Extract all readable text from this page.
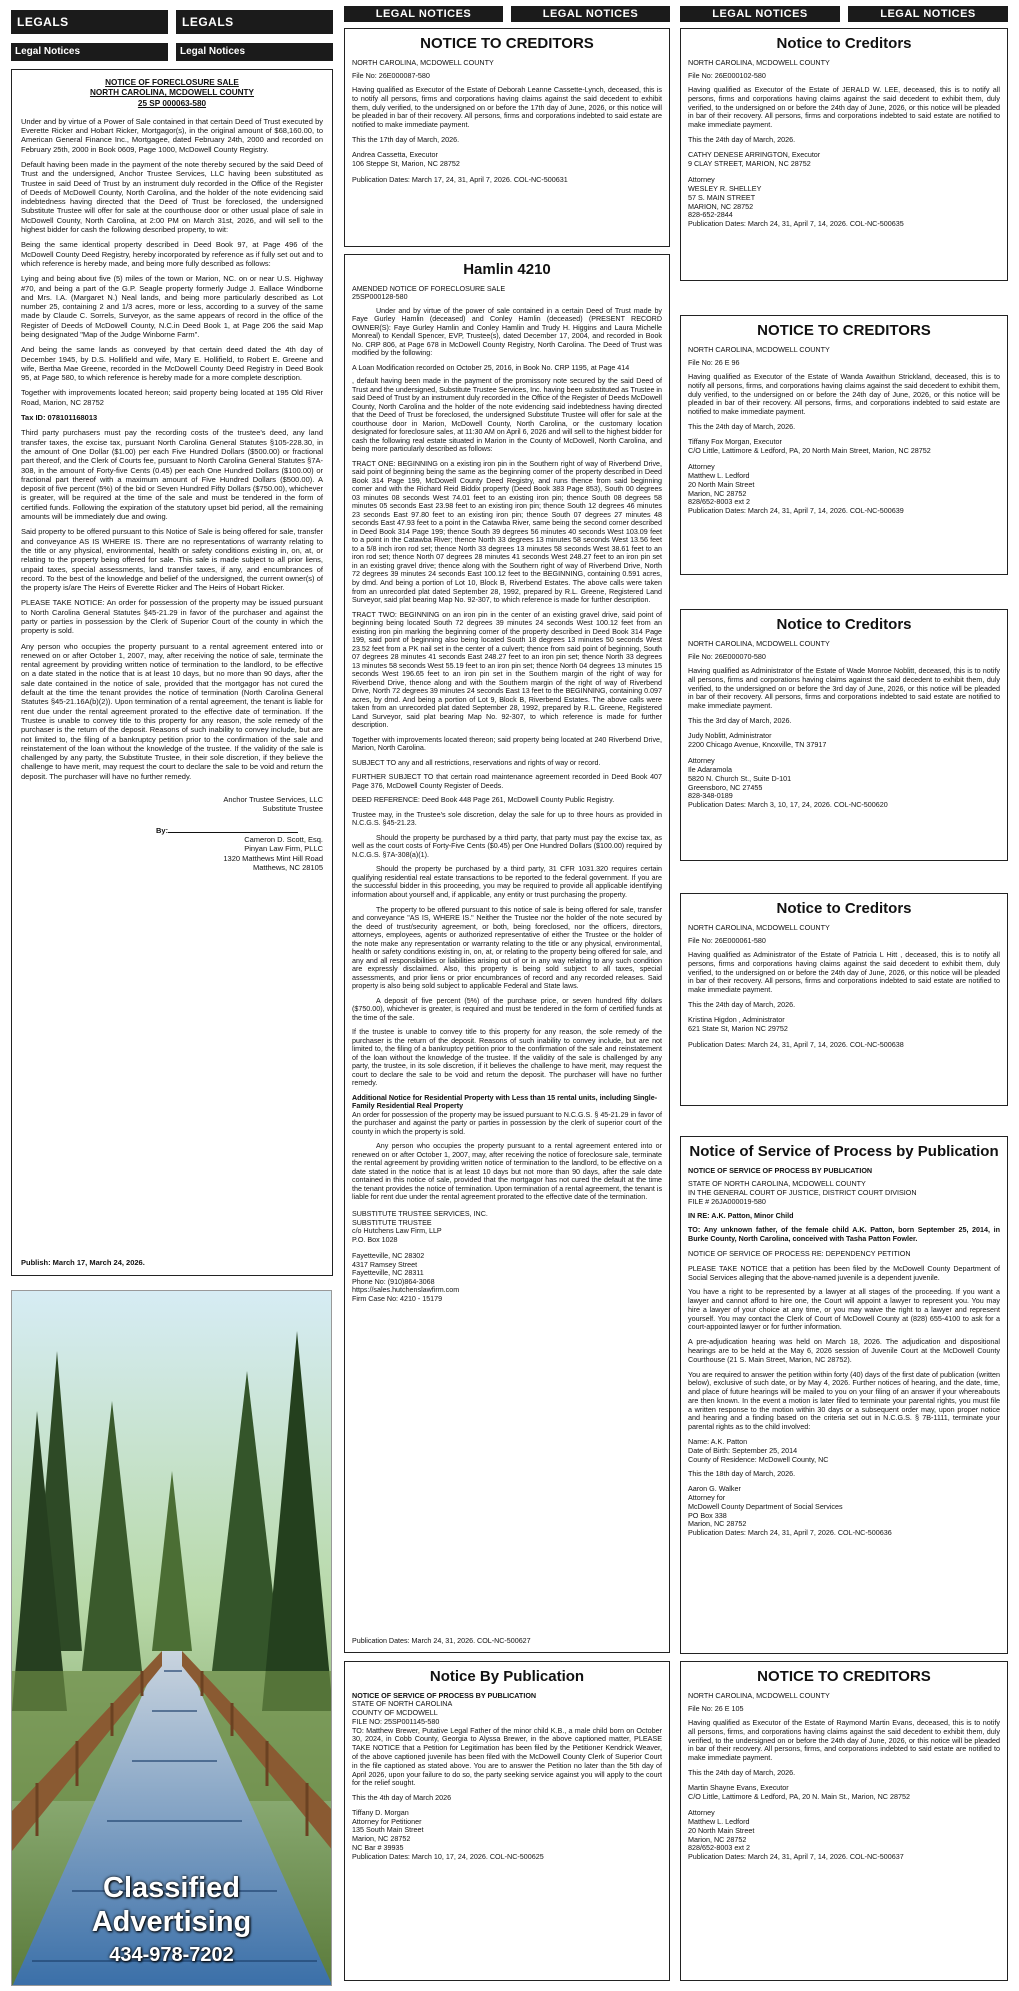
LEGALS	LEGALS
Legal Notices	Legal Notices
NOTICE OF FORECLOSURE SALE
NORTH CAROLINA, MCDOWELL COUNTY
25 SP 000063-580

Under and by virtue of a Power of Sale contained in that certain Deed of Trust executed by Everette Ricker and Hobart Ricker, Mortgagor(s), in the original amount of $68,160.00, to American General Finance Inc., Mortgagee, dated February 24th, 2000 and recorded on February 25th, 2000 in Book 0609, Page 1000, McDowell County Registry.

Default having been made in the payment of the note thereby secured by the said Deed of Trust and the undersigned, Anchor Trustee Services, LLC having been substituted as Trustee in said Deed of Trust by an instrument duly recorded in the Office of the Register of Deeds of McDowell County, North Carolina, and the holder of the note evidencing said indebtedness having directed that the Deed of Trust be foreclosed, the undersigned Substitute Trustee will offer for sale at the courthouse door or other usual place of sale in McDowell County, North Carolina, at 2:00 PM on March 31st, 2026, and will sell to the highest bidder for cash the following described property, to wit:

Being the same identical property described in Deed Book 97, at Page 496 of the McDowell County Deed Registry, hereby incorporated by reference as if fully set out and to which reference is hereby made, and being more fully described as follows:

Lying and being about five (5) miles of the town or Marion, NC. on or near U.S. Highway #70, and being a part of the G.P. Seagle property formerly Judge J. Eallace Windborne and Mrs. I.A. (Margaret N.) Neal lands, and being more particularly described as Lot number 25, containing 2 and 1/3 acres, more or less, according to a survey of the same made by Claude C. Sorrels, Surveyor, as the same appears of record in the office of the Register of Deeds of McDowell County, N.C.in Deed Book 1, at Page 206 the said Map being designated "Map of the Judge Winborne Farm".

And being the same lands as conveyed by that certain deed dated the 4th day of December 1945, by D.S. Hollifield and wife, Mary E. Hollifield, to Robert E. Greene and wife, Bertha Mae Greene, recorded in the McDowell County Deed Registry in Deed Book 95, at Page 580, to which reference is hereby made for a more complete description.

Together with improvements located hereon; said property being located at 195 Old River Road, Marion, NC 28752

Tax ID: 078101168013

Third party purchasers must pay the recording costs of the trustee's deed, any land transfer taxes, the excise tax, pursuant North Carolina General Statutes §105-228.30, in the amount of One Dollar ($1.00) per each Five Hundred Dollars ($500.00) or fractional part thereof, and the Clerk of Courts fee, pursuant to North Carolina General Statutes §7A-308, in the amount of Forty-five Cents (0.45) per each One Hundred Dollars ($100.00) or fractional part thereof with a maximum amount of Five Hundred Dollars ($500.00). A deposit of five percent (5%) of the bid or Seven Hundred Fifty Dollars ($750.00), whichever is greater, will be required at the time of the sale and must be tendered in the form of certified funds. Following the expiration of the statutory upset bid period, all the remaining amounts will be immediately due and owing.

Said property to be offered pursuant to this Notice of Sale is being offered for sale, transfer and conveyance AS IS WHERE IS. There are no representations of warranty relating to the title or any physical, environmental, health or safety conditions existing in, on, at, or relating to the property being offered for sale. This sale is made subject to all prior liens, unpaid taxes, special assessments, land transfer taxes, if any, and encumbrances of record. To the best of the knowledge and belief of the undersigned, the current owner(s) of the property is/are The Heirs of Everette Ricker and The Heirs of Hobart Ricker.

PLEASE TAKE NOTICE: An order for possession of the property may be issued pursuant to North Carolina General Statutes §45-21.29 in favor of the purchaser and against the party or parties in possession by the Clerk of Superior Court of the county in which the property is sold.

Any person who occupies the property pursuant to a rental agreement entered into or renewed on or after October 1, 2007, may, after receiving the notice of sale, terminate the rental agreement by providing written notice of termination to the landlord, to be effective on a date stated in the notice that is at least 10 days, but no more than 90 days, after the sale date contained in the notice of sale, provided that the mortgagor has not cured the default at the time the tenant provides the notice of termination (North Carolina General Statutes §45-21.16A(b)(2)). Upon termination of a rental agreement, the tenant is liable for rent due under the rental agreement prorated to the effective date of termination. If the Trustee is unable to convey title to this property for any reason, the sole remedy of the purchaser is the return of the deposit. Reasons of such inability to convey include, but are not limited to, the filing of a bankruptcy petition prior to the confirmation of the sale and reinstatement of the loan without the knowledge of the trustee. If the validity of the sale is challenged by any party, the Substitute Trustee, in their sole discretion, if they believe the challenge to have merit, may request the court to declare the sale to be void and return the deposit. The purchaser will have no further remedy.

Anchor Trustee Services, LLC
Substitute Trustee
By:
Cameron D. Scott, Esq.
Pinyan Law Firm, PLLC
1320 Matthews Mint Hill Road
Matthews, NC 28105
Publish: March 17, March 24, 2026.
Classified
Advertising
434-978-7202
LEGAL NOTICES	LEGAL NOTICES
NOTICE TO CREDITORS

NORTH CAROLINA, MCDOWELL COUNTY

File No: 26E000087-580

Having qualified as Executor of the Estate of Deborah Leanne Cassette-Lynch, deceased, this is to notify all persons, firms and corporations having claims against the said decedent to exhibit them, duly verified, to the undersigned on or before the 17th day of June, 2026, or this notice will be pleaded in bar of their recovery. All persons, firms and corporations indebted to said estate are notified to make immediate payment.

This the 17th day of March, 2026.

Andrea Cassetta, Executor
106 Steppe St, Marion, NC 28752
Publication Dates: March 17, 24, 31, April 7, 2026. COL-NC-500631
Hamlin 4210
AMENDED NOTICE OF FORECLOSURE SALE
25SP000128-580

Under and by virtue of the power of sale contained in a certain Deed of Trust made by Faye Gurley Hamlin (deceased) and Conley Hamlin (deceased) (PRESENT RECORD OWNER(S): Faye Gurley Hamlin and Conley Hamlin and Trudy H. Higgins and Laura Michelle Monreal) to Kendall Spencer, EVP, Trustee(s), dated December 17, 2004, and recorded in Book No. CRP 806, at Page 678 in McDowell County Registry, North Carolina. The Deed of Trust was modified by the following:

A Loan Modification recorded on October 25, 2016, in Book No. CRP 1195, at Page 414

, default having been made in the payment of the promissory note secured by the said Deed of Trust and the undersigned, Substitute Trustee Services, Inc. having been substituted as Trustee in said Deed of Trust by an instrument duly recorded in the Office of the Register of Deeds McDowell County, North Carolina and the holder of the note evidencing said indebtedness having directed that the Deed of Trust be foreclosed, the undersigned Substitute Trustee will offer for sale at the courthouse door in Marion, McDowell County, North Carolina, or the customary location designated for foreclosure sales, at 11:30 AM on April 6, 2026 and will sell to the highest bidder for cash the following real estate situated in Marion in the County of McDowell, North Carolina, and being more particularly described as follows:

TRACT ONE: BEGINNING on a existing iron pin in the Southern right of way of Riverbend Drive, said point of beginning being the same as the beginning corner of the property described in Deed Book 314 Page 199, McDowell County Deed Registry, and runs thence from said beginning corner and with the Richard Reid Biddix property (Deed Book 383 Page 853), South 00 degrees 03 minutes 08 seconds West 74.01 feet to an existing iron pin; thence South 08 degrees 58 minutes 05 seconds East 23.98 feet to an existing iron pin; thence South 12 degrees 46 minutes 23 seconds East 97.80 feet to an existing iron pin; thence South 07 degrees 27 minutes 48 seconds East 47.93 feet to a point in the Catawba River, same being the second corner described in Deed Book 314 Page 199; thence South 39 degrees 56 minutes 40 seconds West 103.09 feet to a point in the Catawba River; thence North 33 degrees 13 minutes 58 seconds West 13.56 feet to a 5/8 inch iron rod set; thence North 33 degrees 13 minutes 58 seconds West 38.61 feet to an iron rod set; thence North 07 degrees 28 minutes 41 seconds West 248.27 feet to an iron pin set in an existing gravel drive; thence along with the Southern right of way of Riverbend Drive, North 72 degrees 39 minutes 24 seconds East 100.12 feet to the BEGINNING, containing 0.591 acres, by dmd. And being a portion of Lot 10, Block B, Riverbend Estates. The above calls were taken from an unrecorded plat dated September 28, 1992, prepared by R.L. Greene, Registered Land Surveyor, said plat bearing Map No. 92-307, to which reference is made for further description.

TRACT TWO: BEGINNING on an iron pin in the center of an existing gravel drive, said point of beginning being located South 72 degrees 39 minutes 24 seconds West 100.12 feet from an existing iron pin marking the beginning corner of the property described in Deed Book 314 Page 199, said point of beginning also being located South 18 degrees 13 minutes 50 seconds West 23.52 feet from a PK nail set in the center of a culvert; thence from said point of beginning, South 07 degrees 28 minutes 41 seconds East 248.27 feet to an iron pin set; thence North 33 degrees 13 minutes 58 seconds West 55.19 feet to an iron pin set; thence North 04 degrees 13 minutes 15 seconds West 196.65 feet to an iron pin set in the Southern margin of the right of way for Riverbend Drive, thence along and with the Southern margin of the right of way of Riverbend Drive, North 72 degrees 39 minutes 24 seconds East 13 feet to the BEGINNING, containing 0.097 acres, by dmd. And being a portion of Lot 9, Block B, Riverbend Estates. The above calls were taken from an unrecorded plat dated September 28, 1992, prepared by R.L. Greene, Registered Land Surveyor, said plat bearing Map No. 92-307, to which reference is made for further description.

Together with improvements located thereon; said property being located at 240 Riverbend Drive, Marion, North Carolina.

SUBJECT TO any and all restrictions, reservations and rights of way or record.

FURTHER SUBJECT TO that certain road maintenance agreement recorded in Deed Book 407 Page 376, McDowell County Register of Deeds.

DEED REFERENCE: Deed Book 448 Page 261, McDowell County Public Registry.

Trustee may, in the Trustee's sole discretion, delay the sale for up to three hours as provided in N.C.G.S. §45-21.23.

Should the property be purchased by a third party, that party must pay the excise tax, as well as the court costs of Forty-Five Cents ($0.45) per One Hundred Dollars ($100.00) required by N.C.G.S. §7A-308(a)(1).

Should the property be purchased by a third party, 31 CFR 1031.320 requires certain qualifying residential real estate transactions to be reported to the federal government. If you are the successful bidder in this proceeding, you may be required to provide all applicable identifying information about yourself and, if applicable, any entity or trust purchasing the property.

The property to be offered pursuant to this notice of sale is being offered for sale, transfer and conveyance "AS IS, WHERE IS." Neither the Trustee nor the holder of the note secured by the deed of trust/security agreement, or both, being foreclosed, nor the officers, directors, attorneys, employees, agents or authorized representative of either the Trustee or the holder of the note make any representation or warranty relating to the title or any physical, environmental, health or safety conditions existing in, on, at, or relating to the property being offered for sale, and any and all responsibilities or liabilities arising out of or in any way relating to any such condition are expressly disclaimed. Also, this property is being sold subject to all taxes, special assessments, and prior liens or prior encumbrances of record and any recorded releases. Said property is also being sold subject to applicable Federal and State laws.

A deposit of five percent (5%) of the purchase price, or seven hundred fifty dollars ($750.00), whichever is greater, is required and must be tendered in the form of certified funds at the time of the sale.

If the trustee is unable to convey title to this property for any reason, the sole remedy of the purchaser is the return of the deposit. Reasons of such inability to convey include, but are not limited to, the filing of a bankruptcy petition prior to the confirmation of the sale and reinstatement of the loan without the knowledge of the trustee. If the validity of the sale is challenged by any party, the trustee, in its sole discretion, if it believes the challenge to have merit, may request the court to declare the sale to be void and return the deposit. The purchaser will have no further remedy.

Additional Notice for Residential Property with Less than 15 rental units, including Single-Family Residential Real Property

An order for possession of the property may be issued pursuant to N.C.G.S. § 45-21.29 in favor of the purchaser and against the party or parties in possession by the clerk of superior court of the county in which the property is sold.

Any person who occupies the property pursuant to a rental agreement entered into or renewed on or after October 1, 2007, may, after receiving the notice of foreclosure sale, terminate the rental agreement by providing written notice of termination to the landlord, to be effective on a date stated in the notice that is at least 10 days but not more than 90 days, after the sale date contained in this notice of sale, provided that the mortgagor has not cured the default at the time the tenant provides the notice of termination. Upon termination of a rental agreement, the tenant is liable for rent due under the rental agreement prorated to the effective date of the termination.

SUBSTITUTE TRUSTEE SERVICES, INC.
SUBSTITUTE TRUSTEE
c/o Hutchens Law Firm, LLP
P.O. Box 1028
Fayetteville, NC 28302
4317 Ramsey Street
Fayetteville, NC 28311
Phone No: (910)864-3068
https://sales.hutchenslawfirm.com
Firm Case No: 4210 - 15179
Publication Dates: March 24, 31, 2026. COL-NC-500627
Notice By Publication
NOTICE OF SERVICE OF PROCESS BY PUBLICATION
STATE OF NORTH CAROLINA
COUNTY OF MCDOWELL
FILE NO: 25SP001145-580

TO: Matthew Brewer, Putative Legal Father of the minor child K.B., a male child born on October 30, 2024, in Cobb County, Georgia to Alyssa Brewer, in the above captioned matter, PLEASE TAKE NOTICE that a Petition for Legitimation has been filed by the Petitioner Kendrick Weaver, of the above captioned juvenile has been filed with the McDowell County Clerk of Superior Court in the file captioned as stated above. You are to answer the Petition no later than the 5th day of April 2026, upon your failure to do so, the party seeking service against you will apply to the court for the relief sought.

This the 4th day of March 2026

Tiffany D. Morgan
Attorney for Petitioner
135 South Main Street
Marion, NC 28752
NC Bar # 39935
Publication Dates: March 10, 17, 24, 2026. COL-NC-500625
LEGAL NOTICES	LEGAL NOTICES
Notice to Creditors

NORTH CAROLINA, MCDOWELL COUNTY

File No: 26E000102-580

Having qualified as Executor of the Estate of JERALD W. LEE, deceased, this is to notify all persons, firms and corporations having claims against the said decedent to exhibit them, duly verified, to the undersigned on or before the 24th day of June, 2026, or this notice will be pleaded in bar of their recovery. All persons, firms and corporations indebted to said estate are notified to make immediate payment.

This the 24th day of March, 2026.

CATHY DENESE ARRINGTON, Executor
9 CLAY STREET, MARION, NC 28752
Attorney
WESLEY R. SHELLEY
57 S. MAIN STREET
MARION, NC 28752
828-652-2844
Publication Dates: March 24, 31, April 7, 14, 2026. COL-NC-500635
NOTICE TO CREDITORS

NORTH CAROLINA, MCDOWELL COUNTY

File No: 26 E 96

Having qualified as Executor of the Estate of Wanda Awaithun Strickland, deceased, this is to notify all persons, firms, and corporations having claims against the said decedent to exhibit them, duly verified, to the undersigned on or before the 24th day of June, 2026, or this notice will be pleaded in bar of their recovery. All persons, firms, and corporations indebted to said estate are notified to make immediate payment.

This the 24th day of March, 2026.

Tiffany Fox Morgan, Executor
C/O Little, Lattimore & Ledford, PA, 20 North Main Street, Marion, NC 28752
Attorney
Matthew L. Ledford
20 North Main Street
Marion, NC 28752
828/652-8003 ext 2
Publication Dates: March 24, 31, April 7, 14, 2026. COL-NC-500639
Notice to Creditors

NORTH CAROLINA, MCDOWELL COUNTY

File No: 26E000070-580

Having qualified as Administrator of the Estate of Wade Monroe Noblitt, deceased, this is to notify all persons, firms and corporations having claims against the said decedent to exhibit them, duly verified, to the undersigned on or before the 3rd day of June, 2026, or this notice will be pleaded in bar of their recovery. All persons, firms and corporations indebted to said estate are notified to make immediate payment.

This the 3rd day of March, 2026.

Judy Noblitt, Administrator
2200 Chicago Avenue, Knoxville, TN 37917
Attorney
Ile Adaramola
5820 N. Church St., Suite D-101
Greensboro, NC 27455
828-348-0189
Publication Dates: March 3, 10, 17, 24, 2026. COL-NC-500620
Notice to Creditors

NORTH CAROLINA, MCDOWELL COUNTY

File No: 26E000061-580

Having qualified as Administrator of the Estate of Patricia L Hitt , deceased, this is to notify all persons, firms and corporations having claims against the said decedent to exhibit them, duly verified, to the undersigned on or before the 24th day of June, 2026, or this notice will be pleaded in bar of their recovery. All persons, firms and corporations indebted to said estate are notified to make immediate payment.

This the 24th day of March, 2026.

Kristina Higdon , Administrator
621 State St, Marion NC 29752
Publication Dates: March 24, 31, April 7, 14, 2026. COL-NC-500638
Notice of Service of Process by Publication
NOTICE OF SERVICE OF PROCESS BY PUBLICATION
STATE OF NORTH CAROLINA, MCDOWELL COUNTY
IN THE GENERAL COURT OF JUSTICE, DISTRICT COURT DIVISION
FILE # 26JA000019-580

IN RE: A.K. Patton, Minor Child

TO: Any unknown father, of the female child A.K. Patton, born September 25, 2014, in Burke County, North Carolina, conceived with Tasha Patton Fowler.

NOTICE OF SERVICE OF PROCESS RE: DEPENDENCY PETITION

PLEASE TAKE NOTICE that a petition has been filed by the McDowell County Department of Social Services alleging that the above-named juvenile is a dependent juvenile.

You have a right to be represented by a lawyer at all stages of the proceeding. If you want a lawyer and cannot afford to hire one, the Court will appoint a lawyer to represent you. You may hire a lawyer of your choice at any time, or you may waive the right to a lawyer and represent yourself. You may contact the Clerk of Court of McDowell County at (828) 655-4100 to ask for a court-appointed lawyer or for further information.

A pre-adjudication hearing was held on March 18, 2026. The adjudication and dispositional hearings are to be held at the May 6, 2026 session of Juvenile Court at the McDowell County Courthouse (21 S. Main Street, Marion, NC 28752).

You are required to answer the petition within forty (40) days of the first date of publication (written below), exclusive of such date, or by May 4, 2026. Further notices of hearing, and the date, time, and place of future hearings will be mailed to you on your filing of an answer if your whereabouts are then known. In the event a motion is later filed to terminate your parental rights, you must file a written response to the motion within 30 days or a subsequent order may, upon proper notice and hearing and a finding based on the criteria set out in N.C.G.S. § 7B-1111, terminate your parental rights as to the child involved:

Name: A.K. Patton
Date of Birth: September 25, 2014
County of Residence: McDowell County, NC

This the 18th day of March, 2026.

Aaron G. Walker
Attorney for
McDowell County Department of Social Services
PO Box 338
Marion, NC 28752
Publication Dates: March 24, 31, April 7, 2026. COL-NC-500636
NOTICE TO CREDITORS

NORTH CAROLINA, MCDOWELL COUNTY

File No: 26 E 105

Having qualified as Executor of the Estate of Raymond Martin Evans, deceased, this is to notify all persons, firms, and corporations having claims against the said decedent to exhibit them, duly verified, to the undersigned on or before the 24th day of June, 2026, or this notice will be pleaded in bar of their recovery. All persons, firms, and corporations indebted to said estate are notified to make immediate payment.

This the 24th day of March, 2026.

Martin Shayne Evans, Executor
C/O Little, Lattimore & Ledford, PA, 20 N. Main St., Marion, NC 28752
Attorney
Matthew L. Ledford
20 North Main Street
Marion, NC 28752
828/652-8003 ext 2
Publication Dates: March 24, 31, April 7, 14, 2026. COL-NC-500637
